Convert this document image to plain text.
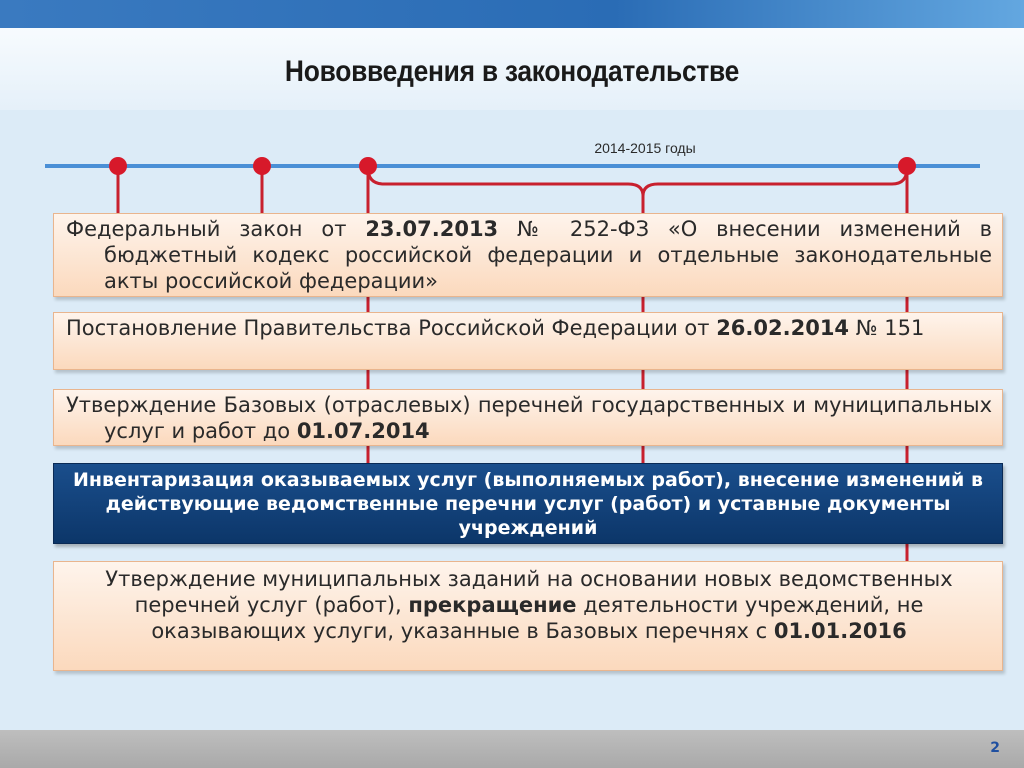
Нововведения в законодательстве
2014-2015 годы

Федеральный закон от 23.07.2013 № 252-ФЗ «О внесении изменений в бюджетный кодекс российской федерации и отдельные законодательные акты российской федерации»

Постановление Правительства Российской Федерации от 26.02.2014 № 151

Утверждение Базовых (отраслевых) перечней государственных и муниципальных услуг и работ до 01.07.2014

Инвентаризация оказываемых услуг (выполняемых работ), внесение изменений в действующие ведомственные перечни услуг (работ) и уставные документы учреждений

Утверждение муниципальных заданий на основании новых ведомственных перечней услуг (работ), прекращение деятельности учреждений, не оказывающих услуги, указанные в Базовых перечнях с 01.01.2016

2
